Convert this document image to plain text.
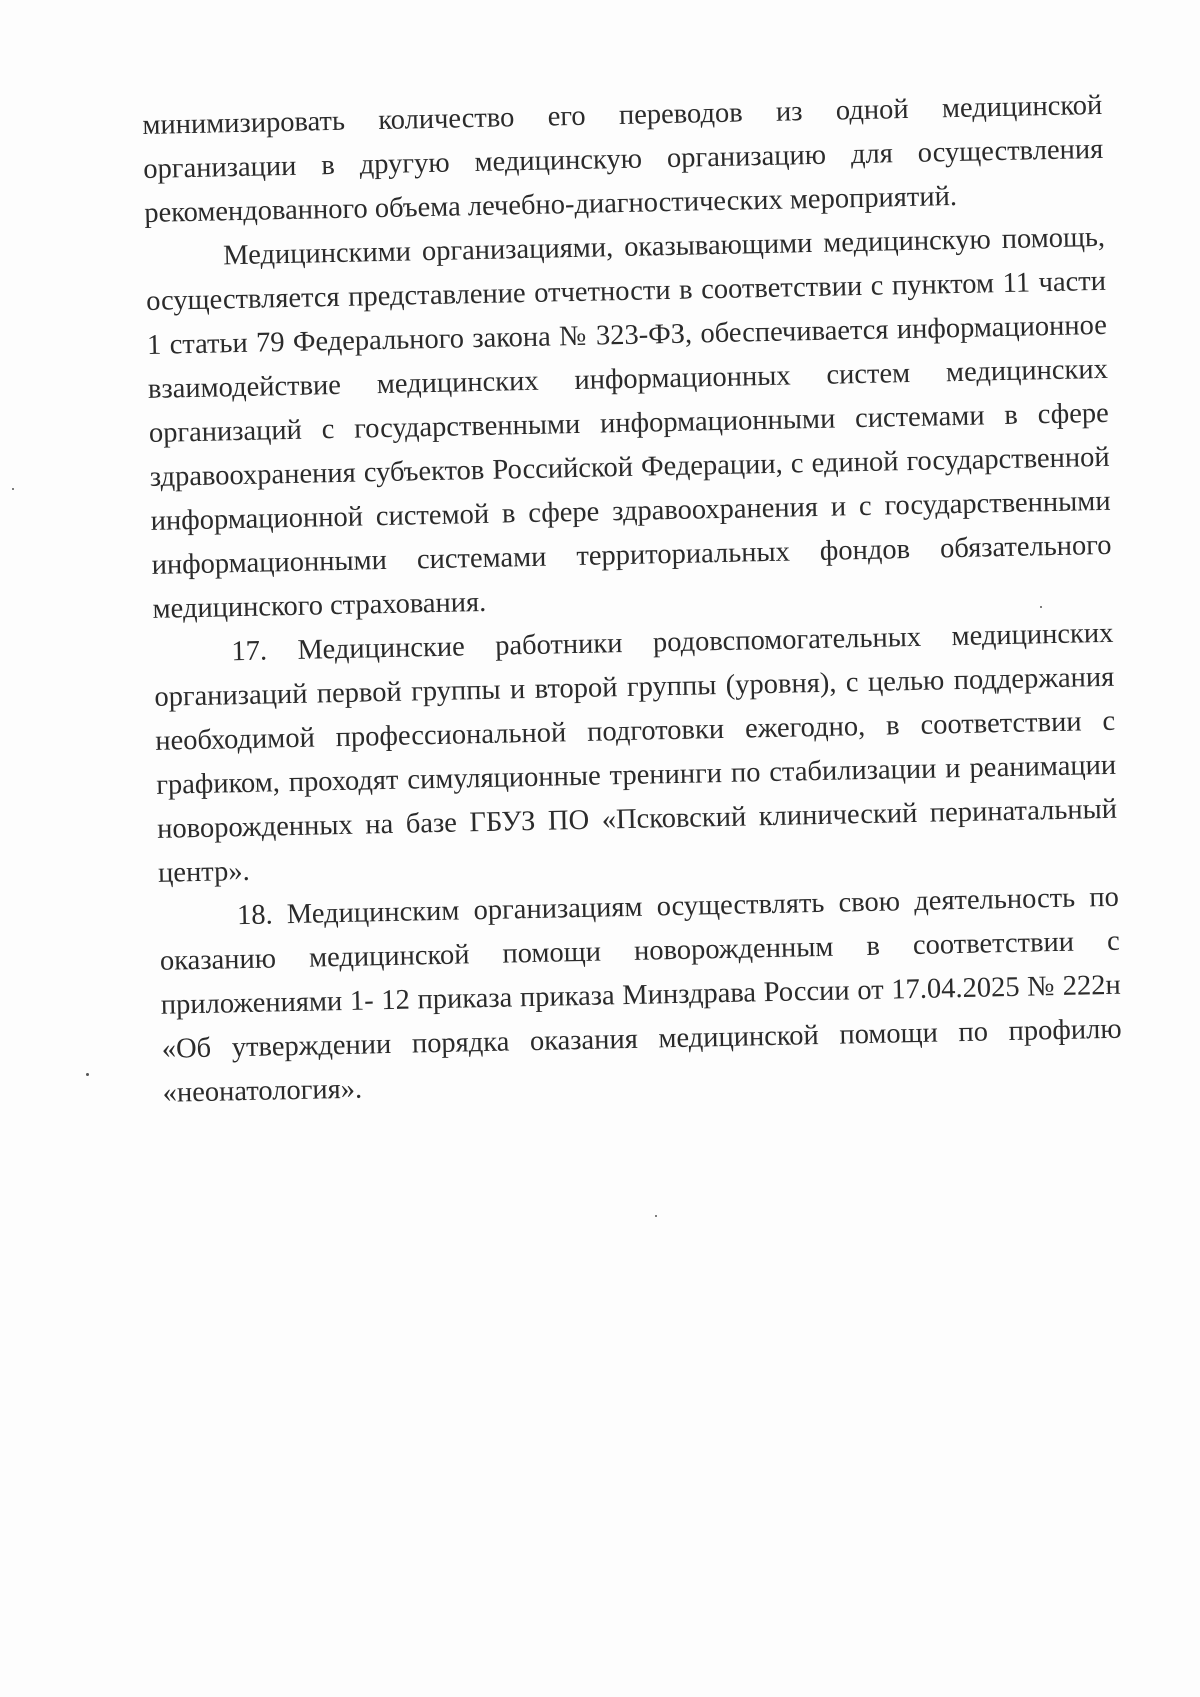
минимизировать количество его переводов из одной медицинской организации в другую медицинскую организацию для осуществления рекомендованного объема лечебно-диагностических мероприятий.

Медицинскими организациями, оказывающими медицинскую помощь, осуществляется представление отчетности в соответствии с пунктом 11 части 1 статьи 79 Федерального закона № 323-ФЗ, обеспечивается информационное взаимодействие медицинских информационных систем медицинских организаций с государственными информационными системами в сфере здравоохранения субъектов Российской Федерации, с единой государственной информационной системой в сфере здравоохранения и с государственными информационными системами территориальных фондов обязательного медицинского страхования.

17. Медицинские работники родовспомогательных медицинских организаций первой группы и второй группы (уровня), с целью поддержания необходимой профессиональной подготовки ежегодно, в соответствии с графиком, проходят симуляционные тренинги по стабилизации и реанимации новорожденных на базе ГБУЗ ПО «Псковский клинический перинатальный центр».

18. Медицинским организациям осуществлять свою деятельность по оказанию медицинской помощи новорожденным в соответствии с приложениями 1- 12 приказа приказа Минздрава России от 17.04.2025 № 222н «Об утверждении порядка оказания медицинской помощи по профилю «неонатология».
